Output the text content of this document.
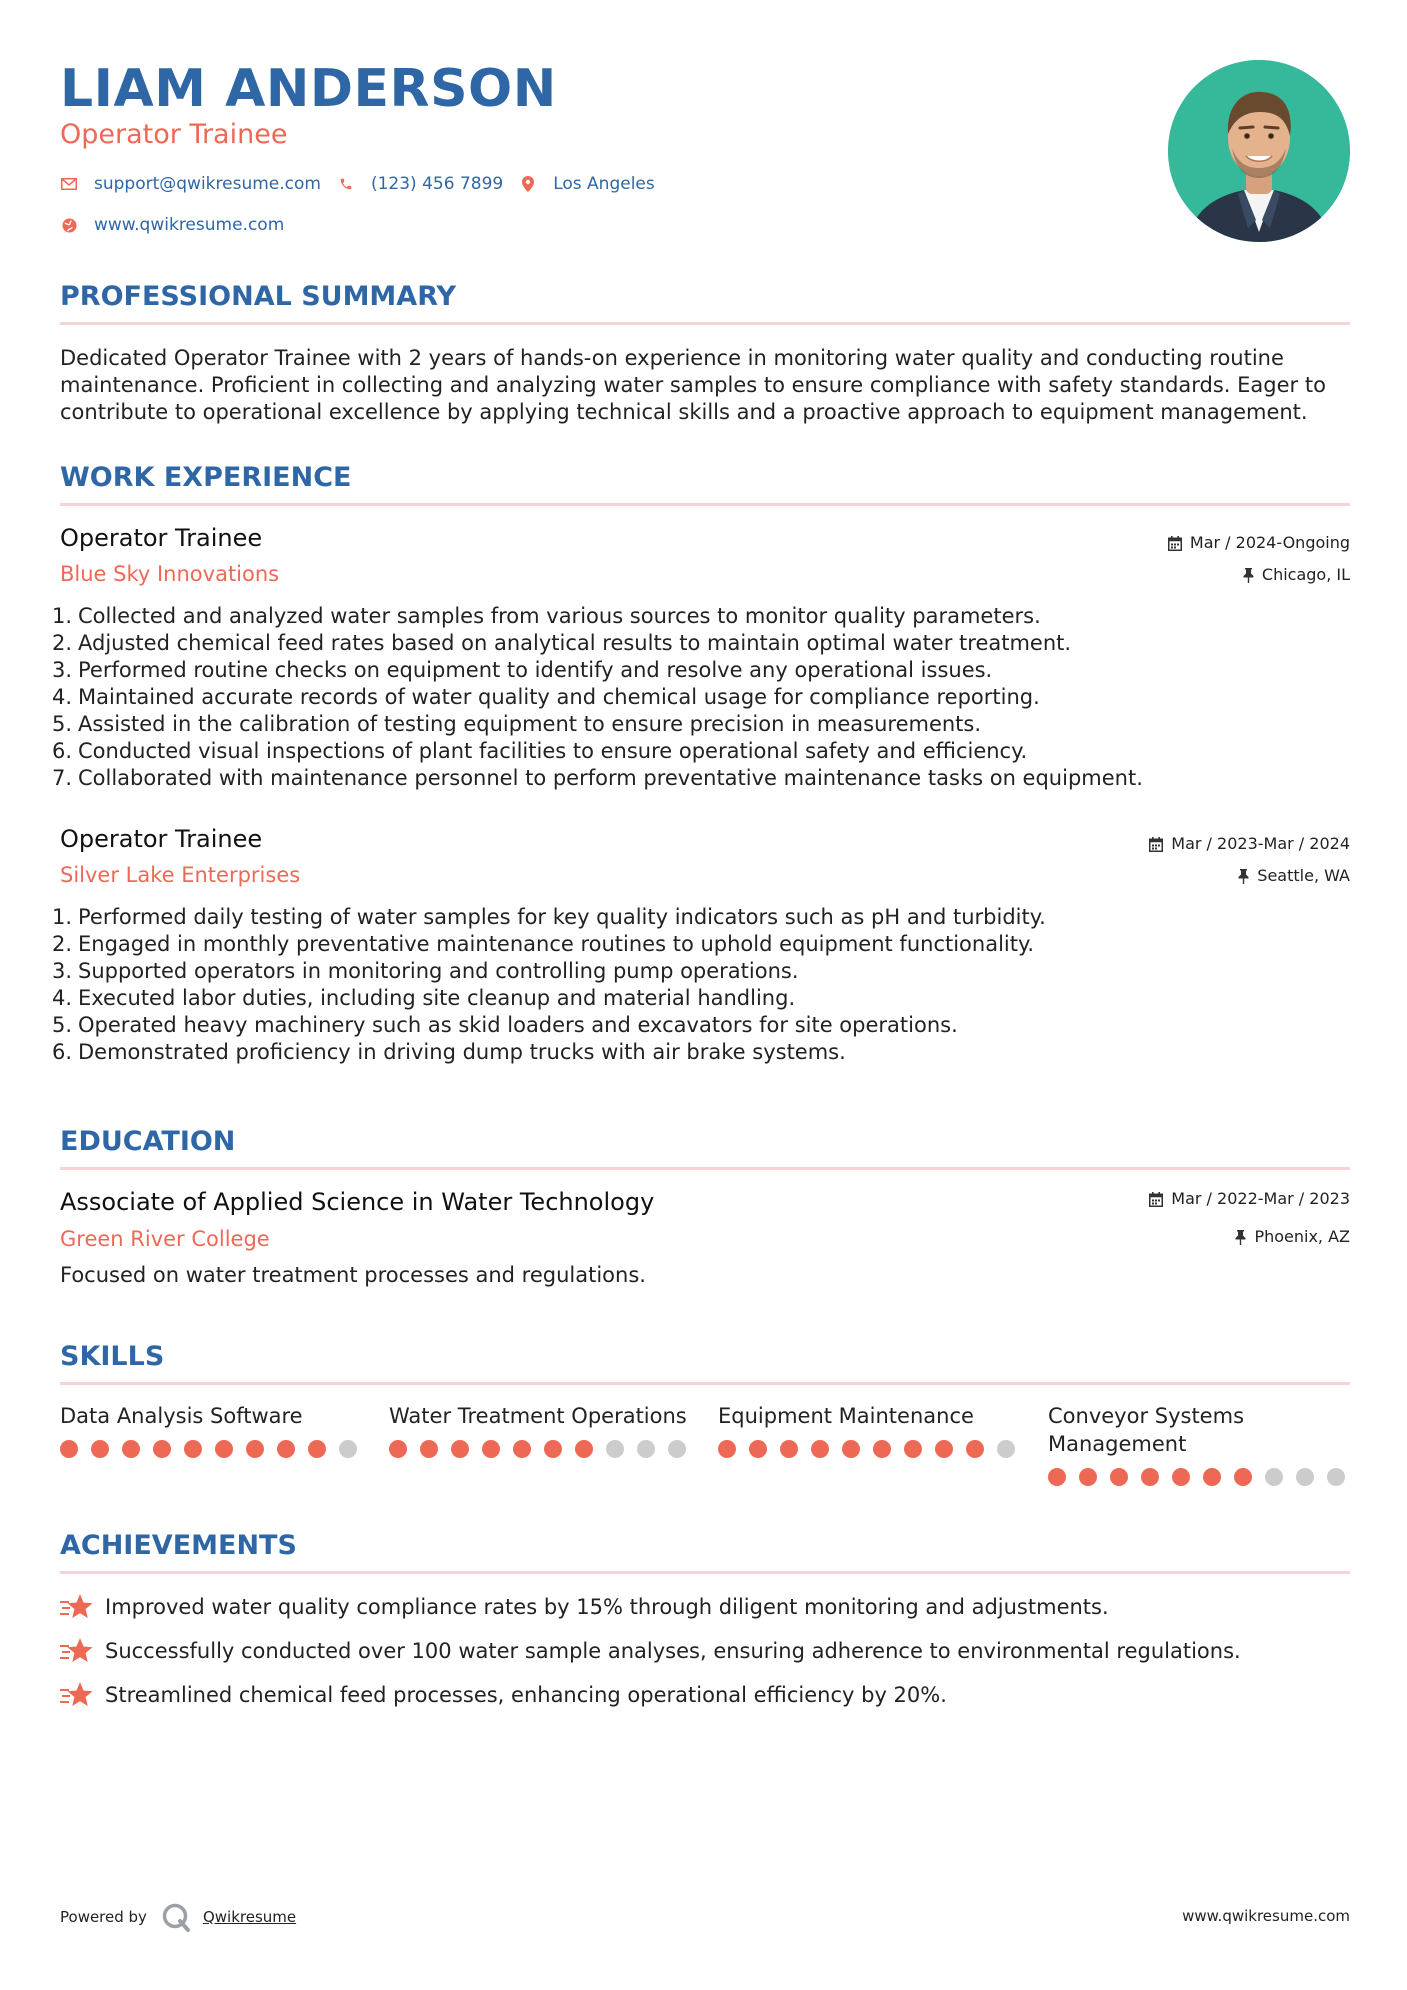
LIAM ANDERSON
Operator Trainee
support@qwikresume.com	(123) 456 7899	Los Angeles
www.qwikresume.com
PROFESSIONAL SUMMARY
Dedicated Operator Trainee with 2 years of hands-on experience in monitoring water quality and conducting routine maintenance. Proficient in collecting and analyzing water samples to ensure compliance with safety standards. Eager to contribute to operational excellence by applying technical skills and a proactive approach to equipment management.
WORK EXPERIENCE
Operator Trainee
Blue Sky Innovations
Mar / 2024-Ongoing
Chicago, IL
1. Collected and analyzed water samples from various sources to monitor quality parameters.
2. Adjusted chemical feed rates based on analytical results to maintain optimal water treatment.
3. Performed routine checks on equipment to identify and resolve any operational issues.
4. Maintained accurate records of water quality and chemical usage for compliance reporting.
5. Assisted in the calibration of testing equipment to ensure precision in measurements.
6. Conducted visual inspections of plant facilities to ensure operational safety and efficiency.
7. Collaborated with maintenance personnel to perform preventative maintenance tasks on equipment.
Operator Trainee
Silver Lake Enterprises
Mar / 2023-Mar / 2024
Seattle, WA
1. Performed daily testing of water samples for key quality indicators such as pH and turbidity.
2. Engaged in monthly preventative maintenance routines to uphold equipment functionality.
3. Supported operators in monitoring and controlling pump operations.
4. Executed labor duties, including site cleanup and material handling.
5. Operated heavy machinery such as skid loaders and excavators for site operations.
6. Demonstrated proficiency in driving dump trucks with air brake systems.
EDUCATION
Associate of Applied Science in Water Technology
Green River College
Mar / 2022-Mar / 2023
Phoenix, AZ
Focused on water treatment processes and regulations.
SKILLS
Data Analysis Software	Water Treatment Operations Equipment Maintenance	Conveyor Systems Management
ACHIEVEMENTS
Improved water quality compliance rates by 15% through diligent monitoring and adjustments.
Successfully conducted over 100 water sample analyses, ensuring adherence to environmental regulations.
Streamlined chemical feed processes, enhancing operational efficiency by 20%.
Powered by	Qwikresume	www.qwikresume.com
